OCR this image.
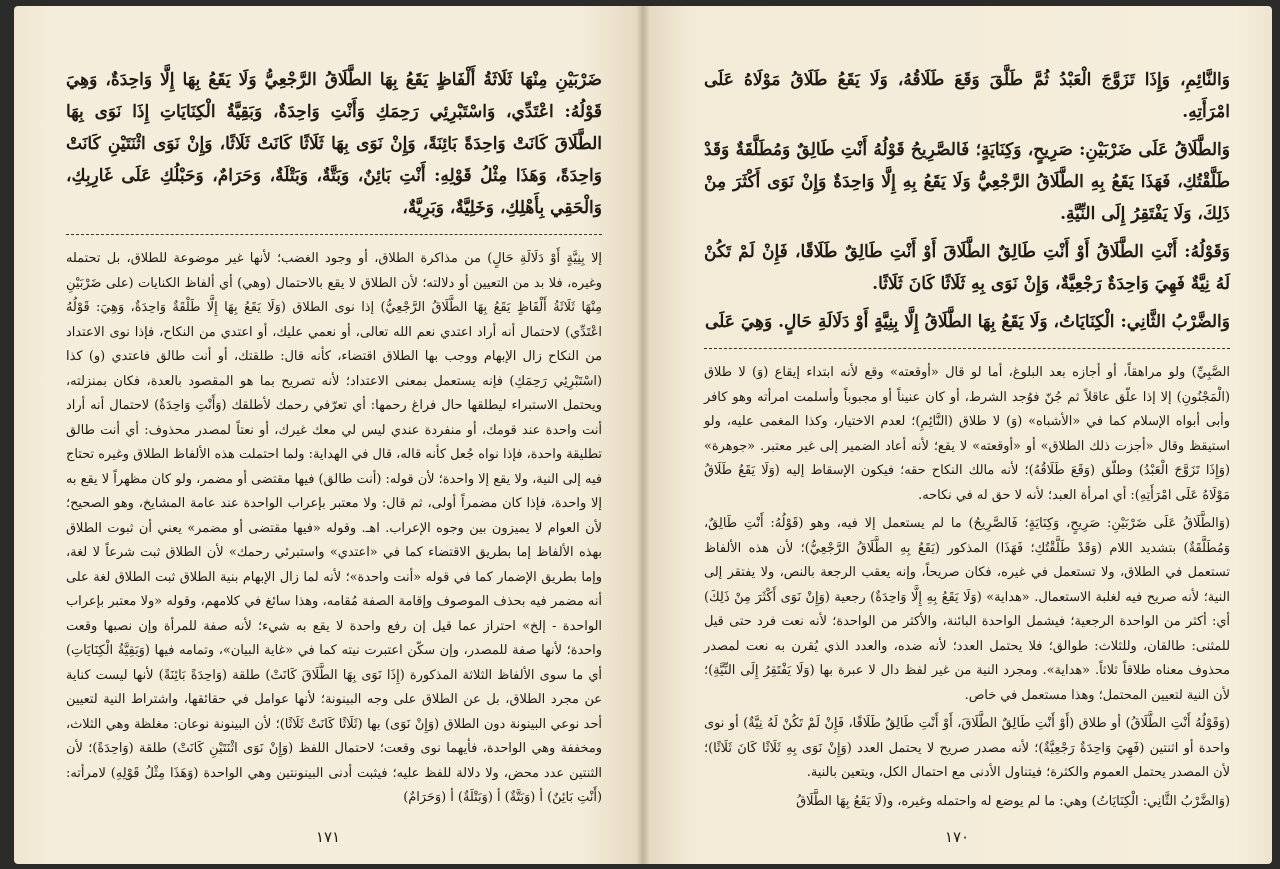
ضَرْبَيْنِ مِنْهَا ثَلَاثَةُ أَلْفَاظٍ يَقَعُ بِهَا الطَّلَاقُ الرَّجْعِيُّ وَلَا يَقَعُ بِهَا إِلَّا وَاحِدَةٌ، وَهِيَ قَوْلُهُ: اعْتَدِّي، وَاسْتَبْرِئِي رَحِمَكِ وَأَنْتِ وَاحِدَةٌ، وَبَقِيَّةُ الْكِنَايَاتِ إِذَا نَوَى بِهَا الطَّلَاقَ كَانَتْ وَاحِدَةً بَائِنَةً، وَإِنْ نَوَى بِهَا ثَلَاثًا كَانَتْ ثَلَاثًا، وَإِنْ نَوَى اثْنَتَيْنِ كَانَتْ وَاحِدَةً، وَهَذَا مِثْلُ قَوْلِهِ: أَنْتِ بَائِنٌ، وَبَتَّةٌ، وَبَتْلَةٌ، وَحَرَامٌ، وَحَبْلُكِ عَلَى غَارِبِكِ، وَالْحَقِي بِأَهْلِكِ، وَخَلِيَّةٌ، وَبَرِيَّةٌ،

إلا بِنِيَّةٍ أَوْ دَلَالَةِ حَالٍ) من مذاكرة الطلاق، أو وجود الغضب؛ لأنها غير موضوعة للطلاق، بل تحتمله وغيره، فلا بد من التعيين أو دلالته؛ لأن الطلاق لا يقع بالاحتمال (وهي) أي ألفاظ الكنايات (على ضَرْبَيْنِ مِنْهَا ثَلَاثَةُ أَلْفَاظٍ يَقَعُ بِهَا الطَّلَاقُ الرَّجْعِيُّ) إذا نوى الطلاق (وَلَا يَقَعُ بِهَا إِلَّا طَلْقَةٌ وَاحِدَةٌ، وَهِيَ: قَوْلُهُ اعْتَدِّي) لاحتمال أنه أراد اعتدي نعم الله تعالى، أو نعمي عليك، أو اعتدي من النكاح، فإذا نوى الاعتداد من النكاح زال الإبهام ووجب بها الطلاق اقتضاء، كأنه قال: طلقتك، أو أنت طالق فاعتدي (و) كذا (اسْتَبْرِئِي رَحِمَكِ) فإنه يستعمل بمعنى الاعتداد؛ لأنه تصريح بما هو المقصود بالعدة، فكان بمنزلته، ويحتمل الاستبراء ليطلقها حال فراغ رحمها: أي تعرّفي رحمك لأطلقك (وَأَنْتِ وَاحِدَةٌ) لاحتمال أنه أراد أنت واحدة عند قومك، أو منفردة عندي ليس لي معك غيرك، أو نعتاً لمصدر محذوف: أي أنت طالق تطليقة واحدة، فإذا نواه جُعل كأنه قاله، قال في الهداية: ولما احتملت هذه الألفاظ الطلاق وغيره تحتاج فيه إلى النية، ولا يقع إلا واحدة؛ لأن قوله: (أنت طالق) فيها مقتضى أو مضمر، ولو كان مظهراً لا يقع به إلا واحدة، فإذا كان مضمراً أولى، ثم قال: ولا معتبر بإعراب الواحدة عند عامة المشايخ، وهو الصحيح؛ لأن العوام لا يميزون بين وجوه الإعراب. اهـ. وقوله «فيها مقتضى أو مضمر» يعني أن ثبوت الطلاق بهذه الألفاظ إما بطريق الاقتضاء كما في «اعتدي» واستبرئي رحمك» لأن الطلاق ثبت شرعاً لا لغة، وإما بطريق الإضمار كما في قوله «أنت واحدة»؛ لأنه لما زال الإبهام بنية الطلاق ثبت الطلاق لغة على أنه مضمر فيه بحذف الموصوف وإقامة الصفة مُقامه، وهذا سائغ في كلامهم، وقوله «ولا معتبر بإعراب الواحدة - إلخ» احتراز عما قيل إن رفع واحدة لا يقع به شيء؛ لأنه صفة للمرأة وإن نصبها وقعت واحدة؛ لأنها صفة للمصدر، وإن سكّن اعتبرت نيته كما في «غاية البيان»، وتمامه فيها (وَبَقِيَّةُ الْكِنَايَاتِ) أي ما سوى الألفاظ الثلاثة المذكورة (إِذَا نَوَى بِهَا الطَّلَاقَ كَانَتْ) طلقة (وَاحِدَةً بَائِنَةً) لأنها ليست كناية عن مجرد الطلاق، بل عن الطلاق على وجه البينونة؛ لأنها عوامل في حقائقها، واشتراط النية لتعيين أحد نوعي البينونة دون الطلاق (وَإِنْ نَوَى) بها (ثَلَاثًا كَانَتْ ثَلَاثًا)؛ لأن البينونة نوعان: مغلظة وهي الثلاث، ومخففة وهي الواحدة، فأيهما نوى وقعت؛ لاحتمال اللفظ (وَإِنْ نَوَى اثْنَتَيْنِ كَانَتْ) طلقة (وَاحِدَةً)؛ لأن الثنتين عدد محض، ولا دلالة للفظ عليه؛ فيثبت أدنى البينونتين وهي الواحدة (وَهَذَا مِثْلُ قَوْلِهِ) لامرأته: (أَنْتِ بَائِنٌ) أ (وَبَتَّةٌ) أ (وَبَتْلَةٌ) أ (وَحَرَامٌ)

١٧١

وَالنَّائِمِ، وَإِذَا تَزَوَّجَ الْعَبْدُ ثُمَّ طَلَّقَ وَقَعَ طَلَاقُهُ، وَلَا يَقَعُ طَلَاقُ مَوْلَاهُ عَلَى امْرَأَتِهِ.

وَالطَّلَاقُ عَلَى ضَرْبَيْنِ: صَرِيحٍ، وَكِنَايَةٍ؛ فَالصَّرِيحُ قَوْلُهُ أَنْتِ طَالِقٌ وَمُطَلَّقَةٌ وَقَدْ طَلَّقْتُكِ، فَهَذَا يَقَعُ بِهِ الطَّلَاقُ الرَّجْعِيُّ وَلَا يَقَعُ بِهِ إِلَّا وَاحِدَةٌ وَإِنْ نَوَى أَكْثَرَ مِنْ ذَلِكَ، وَلَا يَفْتَقِرُ إِلَى النِّيَّةِ.

وَقَوْلُهُ: أَنْتِ الطَّلَاقُ أَوْ أَنْتِ طَالِقٌ الطَّلَاقَ أَوْ أَنْتِ طَالِقٌ طَلَاقًا، فَإِنْ لَمْ تَكُنْ لَهُ نِيَّةٌ فَهِيَ وَاحِدَةٌ رَجْعِيَّةٌ، وَإِنْ نَوَى بِهِ ثَلَاثًا كَانَ ثَلَاثًا.

وَالضَّرْبُ الثَّانِي: الْكِنَايَاتُ، وَلَا يَقَعُ بِهَا الطَّلَاقُ إِلَّا بِنِيَّةٍ أَوْ دَلَالَةِ حَالٍ. وَهِيَ عَلَى

الصَّبِيِّ) ولو مراهقاً، أو أجازه بعد البلوغ، أما لو قال «أوقعته» وقع لأنه ابتداء إيقاع (وَ) لا طلاق (الْمَجْنُونِ) إلا إذا علّق عاقلاً ثم جُنّ فوُجد الشرط، أو كان عنيناً أو مجبوباً وأسلمت امرأته وهو كافر وأبى أبواه الإسلام كما في «الأشباه» (وَ) لا طلاق (النَّائِمِ)؛ لعدم الاختيار، وكذا المغمى عليه، ولو استيقظ وقال «أجزت ذلك الطلاق» أو «أوقعته» لا يقع؛ لأنه أعاد الضمير إلى غير معتبر. «جوهرة» (وَإِذَا تَزَوَّجَ الْعَبْدُ) وطلّق (وَقَعَ طَلَاقُهُ)؛ لأنه مالك النكاح حقه؛ فيكون الإسقاط إليه (وَلَا يَقَعُ طَلَاقُ مَوْلَاهُ عَلَى امْرَأَتِهِ): أي امرأة العبد؛ لأنه لا حق له في نكاحه.

(وَالطَّلَاقُ عَلَى ضَرْبَيْنِ: صَرِيحٍ، وَكِنَايَةٍ؛ فَالصَّرِيحُ) ما لم يستعمل إلا فيه، وهو (قَوْلُهُ: أَنْتِ طَالِقٌ، وَمُطَلَّقَةٌ) بتشديد اللام (وَقَدْ طَلَّقْتُكِ؛ فَهَذَا) المذكور (يَقَعُ بِهِ الطَّلَاقُ الرَّجْعِيُّ)؛ لأن هذه الألفاظ تستعمل في الطلاق، ولا تستعمل في غيره، فكان صريحاً، وإنه يعقب الرجعة بالنص، ولا يفتقر إلى النية؛ لأنه صريح فيه لغلبة الاستعمال. «هداية» (وَلَا يَقَعُ بِهِ إِلَّا وَاحِدَةٌ) رجعية (وَإِنْ نَوَى أَكْثَرَ مِنْ ذَلِكَ) أي: أكثر من الواحدة الرجعية؛ فيشمل الواحدة البائنة، والأكثر من الواحدة؛ لأنه نعت فرد حتى قيل للمثنى: طالقان، وللثلاث: طوالق؛ فلا يحتمل العدد؛ لأنه ضده، والعدد الذي يُقرن به نعت لمصدر محذوف معناه طلاقاً ثلاثاً. «هداية». ومجرد النية من غير لفظ دال لا عبرة بها (وَلَا يَفْتَقِرُ إِلَى النِّيَّةِ)؛ لأن النية لتعيين المحتمل؛ وهذا مستعمل في خاص.

(وَقَوْلُهُ أَنْتِ الطَّلَاقُ) أو طلاق (أَوْ أَنْتِ طَالِقٌ الطَّلَاقَ، أَوْ أَنْتِ طَالِقٌ طَلَاقًا، فَإِنْ لَمْ تَكُنْ لَهُ نِيَّةٌ) أو نوى واحدة أو اثنتين (فَهِيَ وَاحِدَةٌ رَجْعِيَّةٌ)؛ لأنه مصدر صريح لا يحتمل العدد (وَإِنْ نَوَى بِهِ ثَلَاثًا كَانَ ثَلَاثًا)؛ لأن المصدر يحتمل العموم والكثرة؛ فيتناول الأدنى مع احتمال الكل، ويتعين بالنية.

(وَالضَّرْبُ الثَّانِي: الْكِنَايَاتُ) وهي: ما لم يوضع له واحتمله وغيره، و(لَا يَقَعُ بِهَا الطَّلَاقُ

١٧٠
